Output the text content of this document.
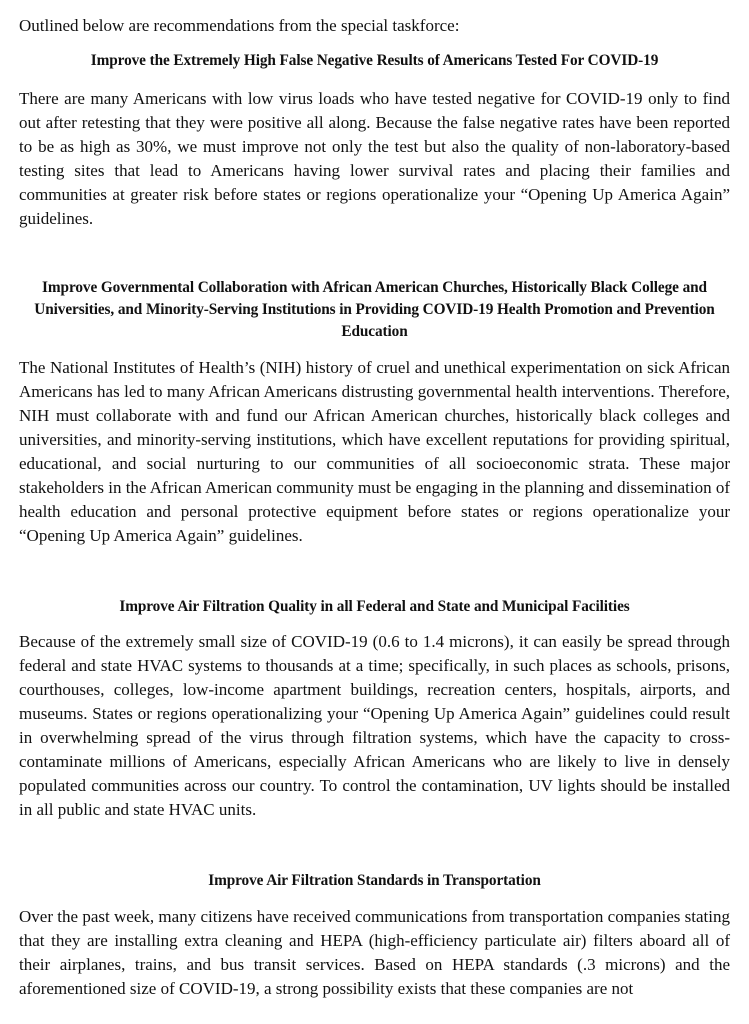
Outlined below are recommendations from the special taskforce:

Improve the Extremely High False Negative Results of Americans Tested For COVID-19

There are many Americans with low virus loads who have tested negative for COVID-19 only to find out after retesting that they were positive all along. Because the false negative rates have been reported to be as high as 30%, we must improve not only the test but also the quality of non-laboratory-based testing sites that lead to Americans having lower survival rates and placing their families and communities at greater risk before states or regions operationalize your “Opening Up America Again” guidelines.

Improve Governmental Collaboration with African American Churches, Historically Black College and Universities, and Minority-Serving Institutions in Providing COVID-19 Health Promotion and Prevention Education

The National Institutes of Health’s (NIH) history of cruel and unethical experimentation on sick African Americans has led to many African Americans distrusting governmental health interventions. Therefore, NIH must collaborate with and fund our African American churches, historically black colleges and universities, and minority-serving institutions, which have excellent reputations for providing spiritual, educational, and social nurturing to our communities of all socioeconomic strata. These major stakeholders in the African American community must be engaging in the planning and dissemination of health education and personal protective equipment before states or regions operationalize your “Opening Up America Again” guidelines.

Improve Air Filtration Quality in all Federal and State and Municipal Facilities

Because of the extremely small size of COVID-19 (0.6 to 1.4 microns), it can easily be spread through federal and state HVAC systems to thousands at a time; specifically, in such places as schools, prisons, courthouses, colleges, low-income apartment buildings, recreation centers, hospitals, airports, and museums. States or regions operationalizing your “Opening Up America Again” guidelines could result in overwhelming spread of the virus through filtration systems, which have the capacity to cross-contaminate millions of Americans, especially African Americans who are likely to live in densely populated communities across our country. To control the contamination, UV lights should be installed in all public and state HVAC units.

Improve Air Filtration Standards in Transportation

Over the past week, many citizens have received communications from transportation companies stating that they are installing extra cleaning and HEPA (high-efficiency particulate air) filters aboard all of their airplanes, trains, and bus transit services. Based on HEPA standards (.3 microns) and the aforementioned size of COVID-19, a strong possibility exists that these companies are not
